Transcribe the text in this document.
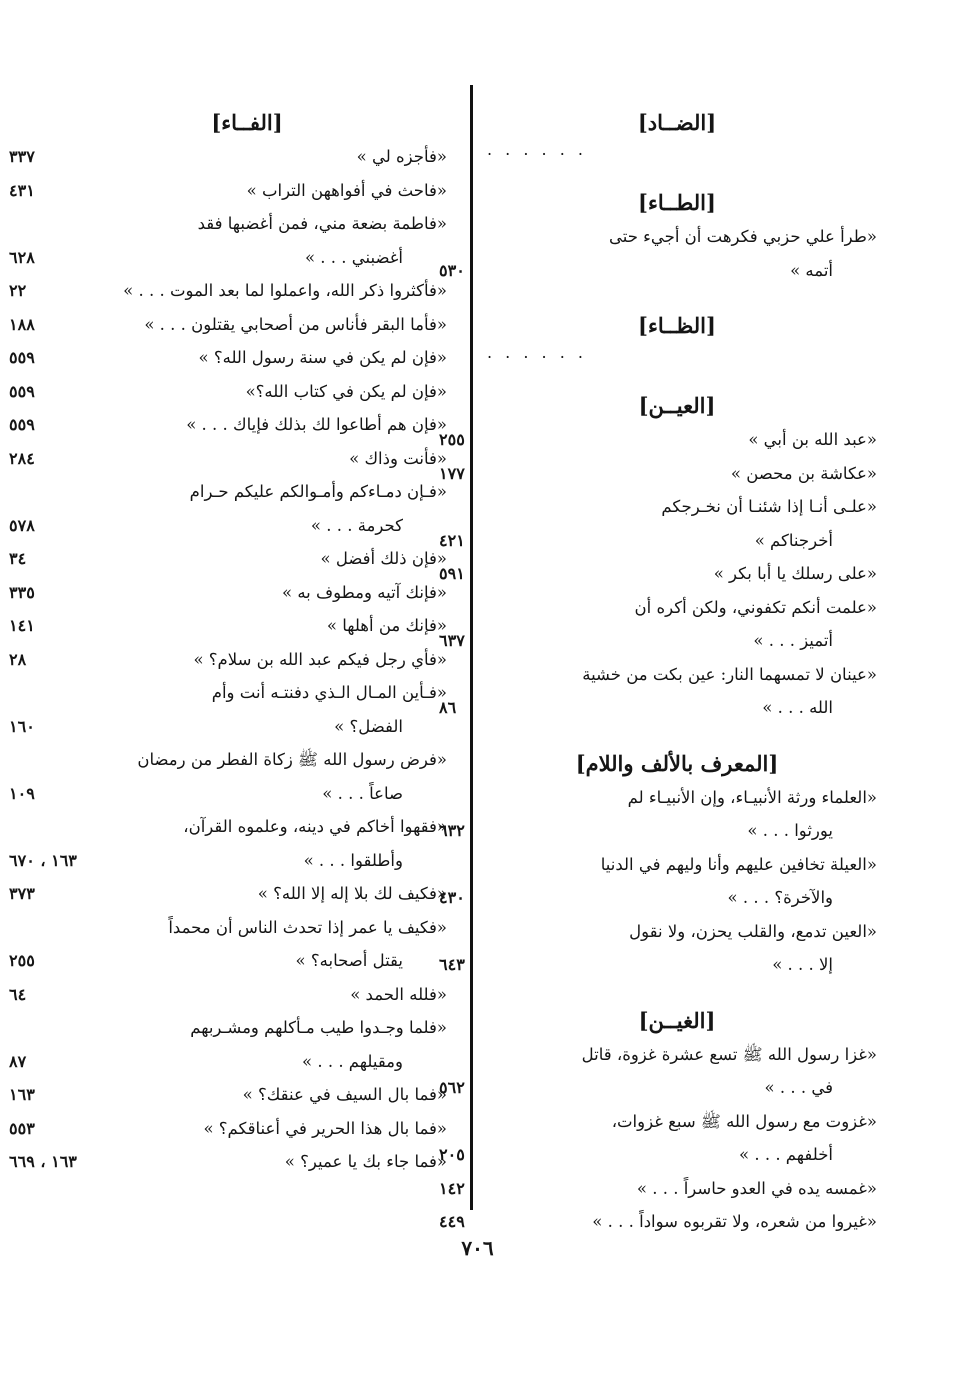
[الضــاد]
. . . . . .
[الطــاء]
«طرأ علي حزبي فكرهت أن أجيء حتى
أتمه »
٥٣٠
[الظــاء]
. . . . . .
[العيــن]
«عبد الله بن أبي »
٢٥٥
«عكاشة بن محصن »
١٧٧
«علـى أنـا إذا شئنـا أن نخـرجكم
أخرجناكم »
٤٢١
«على رسلك يا أبا بكر »
٥٩١
«علمت أنكم تكفوني، ولكن أكره أن
أتميز . . . »
٦٣٧
«عينان لا تمسهما النار: عين بكت من خشية
الله . . . »
٨٦
[المعرف بالألف واللام]
«العلماء ورثة الأنبيـاء، وإن الأنبيـاء لم
يورثوا . . . »
٦٣٢
«العيلة تخافين عليهم وأنا وليهم في الدنيا
والآخرة؟ . . . »
٤٣٠
«العين تدمع، والقلب يحزن، ولا نقول
إلا . . . »
٦٤٣
[الغيــن]
«غزا رسول الله ﷺ تسع عشرة غزوة، قاتل
في . . . »
٥٦٢
«غزوت مع رسول الله ﷺ سبع غزوات،
أخلفهم . . . »
٢٠٥
«غمسه يده في العدو حاسراً . . . »
١٤٢
«غيروا من شعره، ولا تقربوه سواداً . . . »
٤٤٩
[الفــاء]
«فأجزه لي »
٣٣٧
«فاحث في أفواههن التراب »
٤٣١
«فاطمة بضعة مني، فمن أغضبها فقد
أغضبني . . . »
٦٢٨
«فأكثروا ذكر الله، واعملوا لما بعد الموت . . . »
٢٢
«فأما البقر فأناس من أصحابي يقتلون . . . »
١٨٨
«فإن لم يكن في سنة رسول الله؟ »
٥٥٩
«فإن لم يكن في كتاب الله؟»
٥٥٩
«فإن هم أطاعوا لك بذلك فإياك . . . »
٥٥٩
«فأنت وذاك »
٢٨٤
«فـإن دمـاءكم وأمـوالكم عليكم حـرام
كحرمة . . . »
٥٧٨
«فإن ذلك أفضل »
٣٤
«فإنك آتيه ومطوف به »
٣٣٥
«فإنك من أهلها »
١٤١
«فأي رجل فيكم عبد الله بن سلام؟ »
٢٨
«فـأين المـال الـذي دفنتـه أنت وأم
الفضل؟ »
١٦٠
«فرض رسول الله ﷺ زكاة الفطر من رمضان
صاعاً . . . »
١٠٩
«فقهوا أخاكم في دينه، وعلموه القرآن،
وأطلقوا . . . »
١٦٣ ، ٦٧٠
«فكيف لك بلا إله إلا الله؟ »
٣٧٣
«فكيف يا عمر إذا تحدث الناس أن محمداً
يقتل أصحابه؟ »
٢٥٥
«فلله الحمد »
٦٤
«فلما وجـدوا طيب مـأكلهم ومشـربهم
ومقيلهم . . . »
٨٧
«فما بال السيف في عنقك؟ »
١٦٣
«فما بال هذا الحرير في أعناقكم؟ »
٥٥٣
«فما جاء بك يا عمير؟ »
١٦٣ ، ٦٦٩
٧٠٦
